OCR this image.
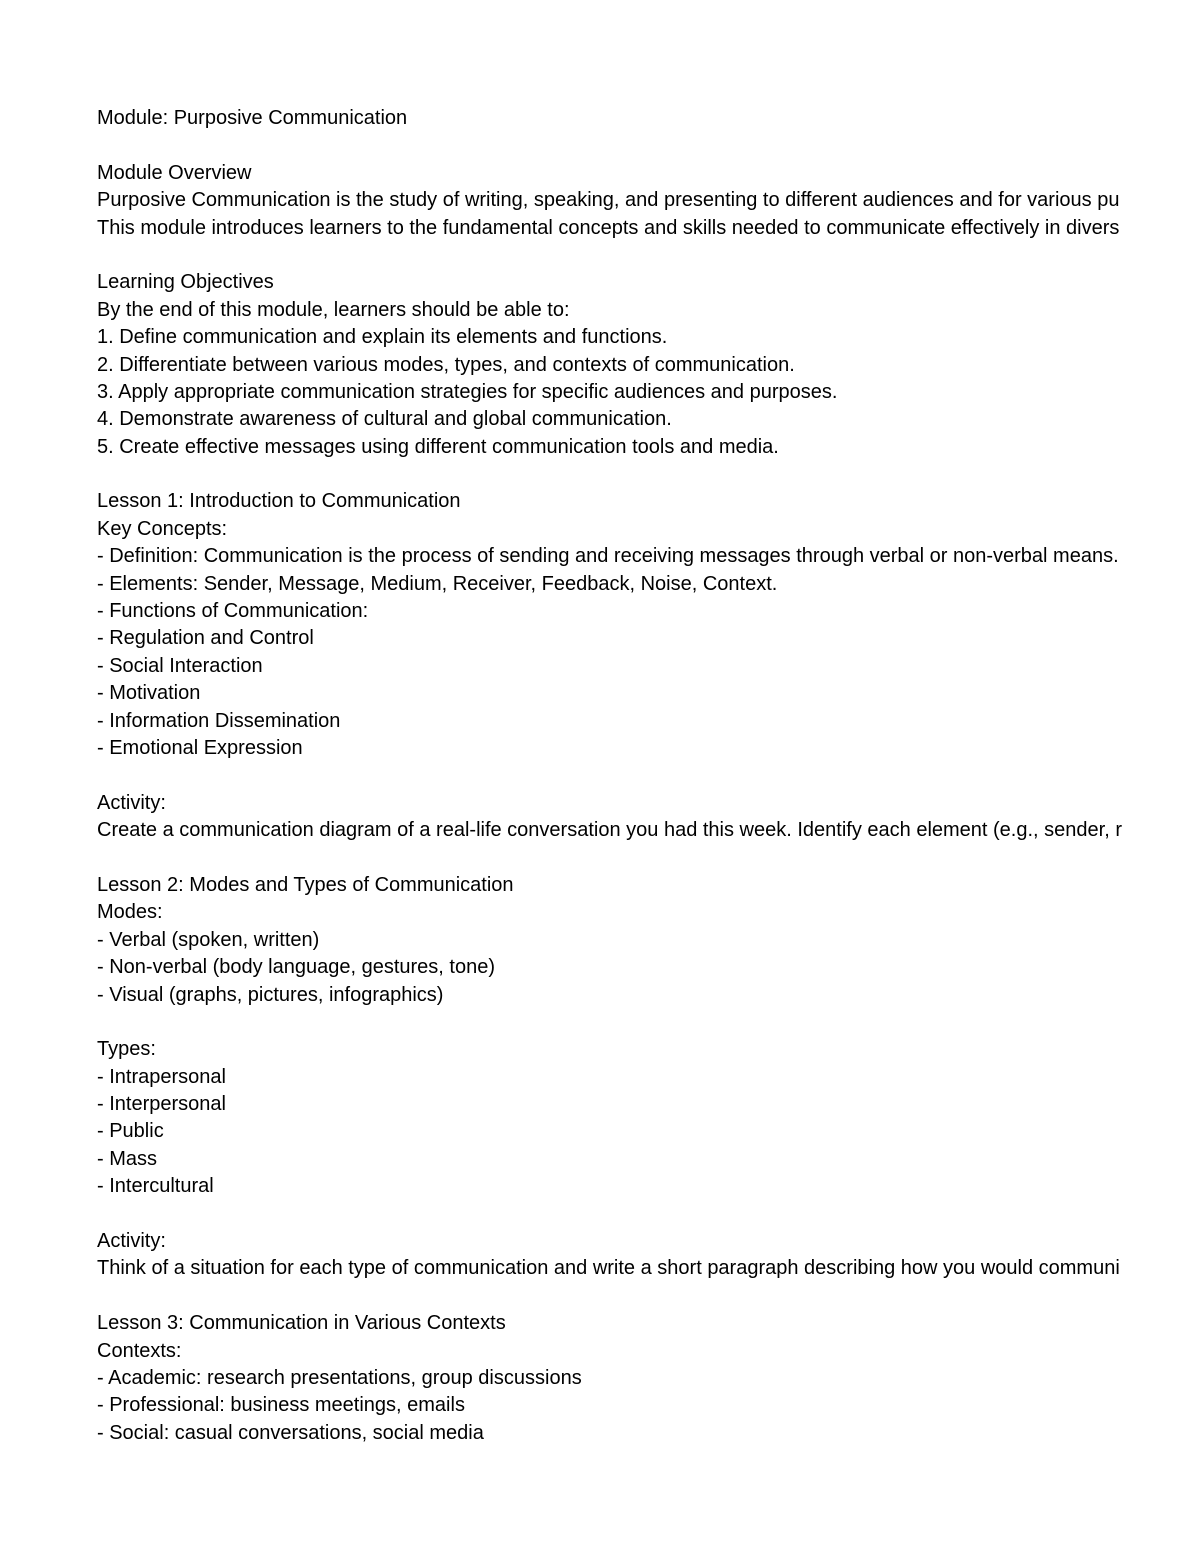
Module: Purposive Communication
Module Overview
Purposive Communication is the study of writing, speaking, and presenting to different audiences and for various pu
This module introduces learners to the fundamental concepts and skills needed to communicate effectively in divers
Learning Objectives
By the end of this module, learners should be able to:
1. Define communication and explain its elements and functions.
2. Differentiate between various modes, types, and contexts of communication.
3. Apply appropriate communication strategies for specific audiences and purposes.
4. Demonstrate awareness of cultural and global communication.
5. Create effective messages using different communication tools and media.
Lesson 1: Introduction to Communication
Key Concepts:
- Definition: Communication is the process of sending and receiving messages through verbal or non-verbal means.
- Elements: Sender, Message, Medium, Receiver, Feedback, Noise, Context.
- Functions of Communication:
- Regulation and Control
- Social Interaction
- Motivation
- Information Dissemination
- Emotional Expression
Activity:
Create a communication diagram of a real-life conversation you had this week. Identify each element (e.g., sender, r
Lesson 2: Modes and Types of Communication
Modes:
- Verbal (spoken, written)
- Non-verbal (body language, gestures, tone)
- Visual (graphs, pictures, infographics)
Types:
- Intrapersonal
- Interpersonal
- Public
- Mass
- Intercultural
Activity:
Think of a situation for each type of communication and write a short paragraph describing how you would communi
Lesson 3: Communication in Various Contexts
Contexts:
- Academic: research presentations, group discussions
- Professional: business meetings, emails
- Social: casual conversations, social media
